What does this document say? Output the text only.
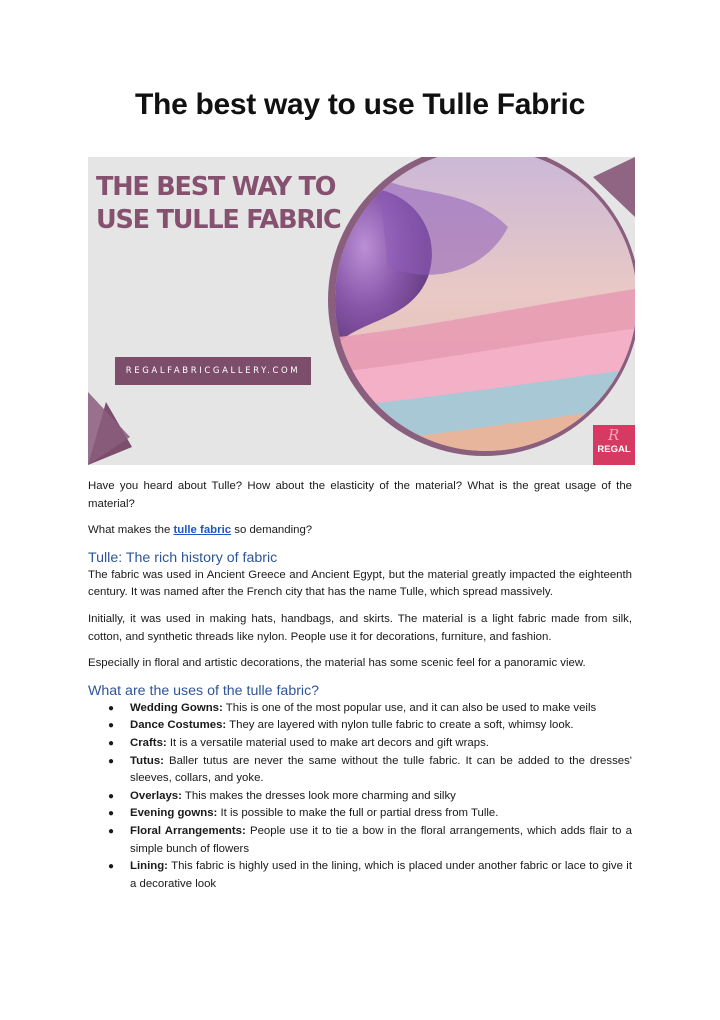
The best way to use Tulle Fabric
THE BEST WAY TO
USE TULLE FABRIC
REGALFABRICGALLERY.COM
R
REGAL

Have you heard about Tulle? How about the elasticity of the material? What is the great usage of the material?

What makes the tulle fabric so demanding?

Tulle: The rich history of fabric

The fabric was used in Ancient Greece and Ancient Egypt, but the material greatly impacted the eighteenth century. It was named after the French city that has the name Tulle, which spread massively.

Initially, it was used in making hats, handbags, and skirts. The material is a light fabric made from silk, cotton, and synthetic threads like nylon. People use it for decorations, furniture, and fashion.

Especially in floral and artistic decorations, the material has some scenic feel for a panoramic view.

What are the uses of the tulle fabric?
● Wedding Gowns: This is one of the most popular use, and it can also be used to make veils
● Dance Costumes: They are layered with nylon tulle fabric to create a soft, whimsy look.
● Crafts: It is a versatile material used to make art decors and gift wraps.
● Tutus: Baller tutus are never the same without the tulle fabric. It can be added to the dresses' sleeves, collars, and yoke.
● Overlays: This makes the dresses look more charming and silky
● Evening gowns: It is possible to make the full or partial dress from Tulle.
● Floral Arrangements: People use it to tie a bow in the floral arrangements, which adds flair to a simple bunch of flowers
● Lining: This fabric is highly used in the lining, which is placed under another fabric or lace to give it a decorative look
